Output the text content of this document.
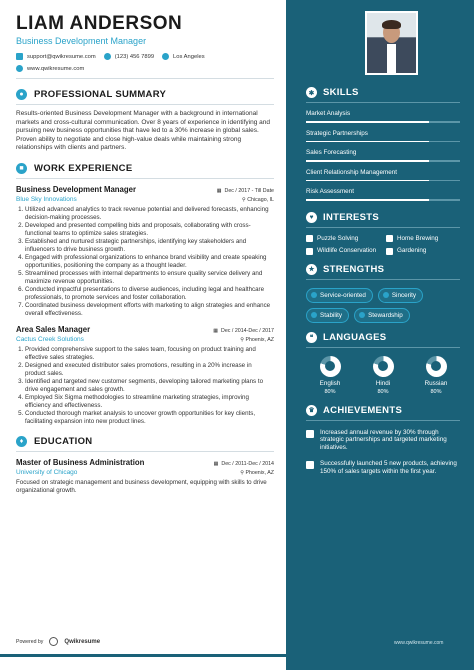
LIAM ANDERSON
Business Development Manager
support@qwikresume.com	(123) 456 7899	Los Angeles
www.qwikresume.com
●	PROFESSIONAL SUMMARY
Results-oriented Business Development Manager with a background in international markets and cross-cultural communication. Over 8 years of experience in identifying and pursuing new business opportunities that have led to a 30% increase in global sales. Proven ability to negotiate and close high-value deals while maintaining strong relationships with clients and partners.
■	WORK EXPERIENCE
Business Development Manager	▦ Dec / 2017 - Till Date
Blue Sky Innovations	⚲ Chicago, IL
1. Utilized advanced analytics to track revenue potential and delivered forecasts, enhancing decision-making processes.
2. Developed and presented compelling bids and proposals, collaborating with cross-functional teams to optimize sales strategies.
3. Established and nurtured strategic partnerships, identifying key stakeholders and influencers to drive business growth.
4. Engaged with professional organizations to enhance brand visibility and create speaking opportunities, positioning the company as a thought leader.
5. Streamlined processes with internal departments to ensure quality service delivery and maximize revenue opportunities.
6. Conducted impactful presentations to diverse audiences, including legal and healthcare professionals, to promote services and foster collaboration.
7. Coordinated business development efforts with marketing to align strategies and enhance overall effectiveness.
Area Sales Manager	▦ Dec / 2014-Dec / 2017
Cactus Creek Solutions	⚲ Phoenix, AZ
1. Provided comprehensive support to the sales team, focusing on product training and effective sales strategies.
2. Designed and executed distributor sales promotions, resulting in a 20% increase in product sales.
3. Identified and targeted new customer segments, developing tailored marketing plans to drive engagement and sales growth.
4. Employed Six Sigma methodologies to streamline marketing strategies, improving efficiency and effectiveness.
5. Conducted thorough market analysis to uncover growth opportunities for key clients, facilitating expansion into new product lines.
♦	EDUCATION
Master of Business Administration	▦ Dec / 2011-Dec / 2014
University of Chicago	⚲ Phoenix, AZ
Focused on strategic management and business development, equipping with skills to drive organizational growth.
✱ SKILLS
Market Analysis
Strategic Partnerships
Sales Forecasting
Client Relationship Management
Risk Assessment
♥	INTERESTS
Puzzle Solving	Home Brewing
Wildlife Conservation	Gardening
★ STRENGTHS
Service-oriented	Sincerity
Stability	Stewardship
❝	LANGUAGES
English
80%
Hindi
80%
Russian
80%
♛ ACHIEVEMENTS
Increased annual revenue by 30% through strategic partnerships and targeted marketing initiatives.
Successfully launched 5 new products, achieving 150% of sales targets within the first year.
Powered by	Qwikresume	www.qwikresume.com
